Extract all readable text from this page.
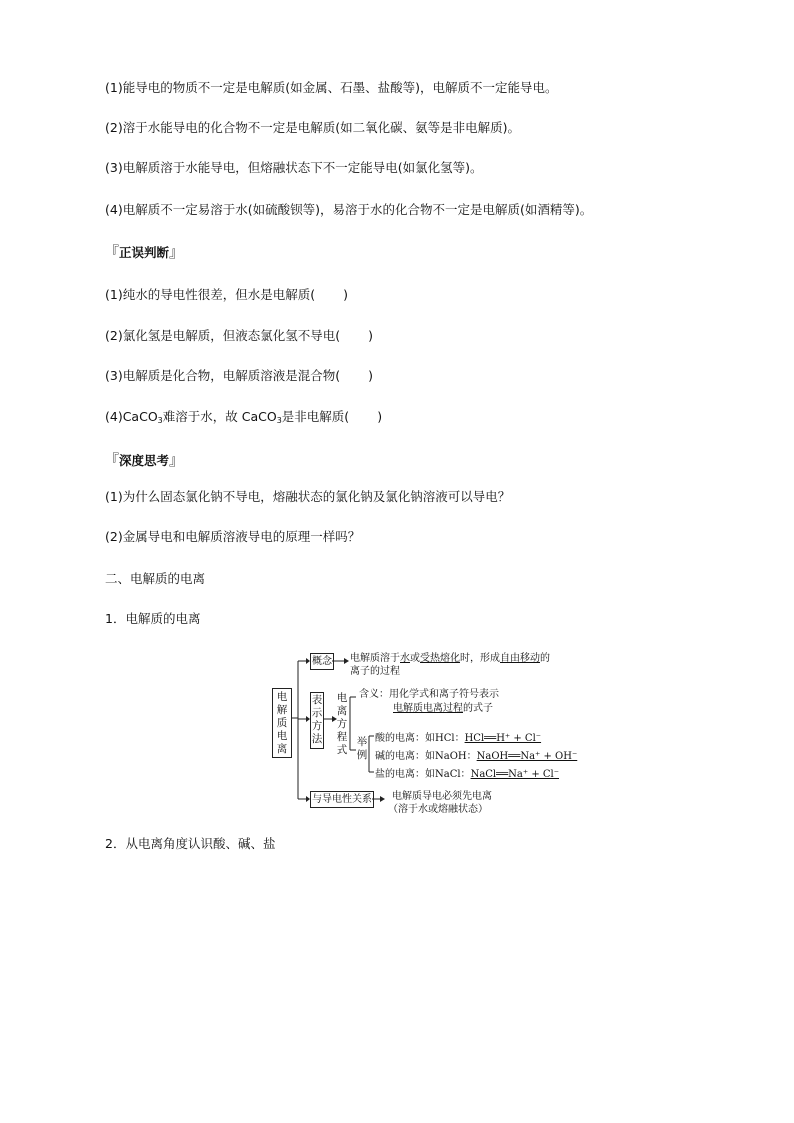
(1)能导电的物质不一定是电解质(如金属、石墨、盐酸等)，电解质不一定能导电。
(2)溶于水能导电的化合物不一定是电解质(如二氧化碳、氨等是非电解质)。
(3)电解质溶于水能导电，但熔融状态下不一定能导电(如氯化氢等)。
(4)电解质不一定易溶于水(如硫酸钡等)，易溶于水的化合物不一定是电解质(如酒精等)。
『正误判断』
(1)纯水的导电性很差，但水是电解质( )
(2)氯化氢是电解质，但液态氯化氢不导电( )
(3)电解质是化合物，电解质溶液是混合物( )
(4)CaCO$_3$难溶于水，故 CaCO$_3$是非电解质( )
『深度思考』
(1)为什么固态氯化钠不导电，熔融状态的氯化钠及氯化钠溶液可以导电？
(2)金属导电和电解质溶液导电的原理一样吗？
二、电解质的电离
1．电解质的电离
电解质电离
概念 电解质溶于水或受热熔化时，形成自由移动的
离子的过程
表示方法
电离方程式
含义：用化学式和离子符号表示
电解质电离过程的式子
举例
酸的电离：如HCl：HCl══H⁺ + Cl⁻
碱的电离：如NaOH：NaOH══Na⁺ + OH⁻
盐的电离：如NaCl：NaCl══Na⁺ + Cl⁻
与导电性关系 电解质导电必须先电离
（溶于水或熔融状态）
2．从电离角度认识酸、碱、盐
